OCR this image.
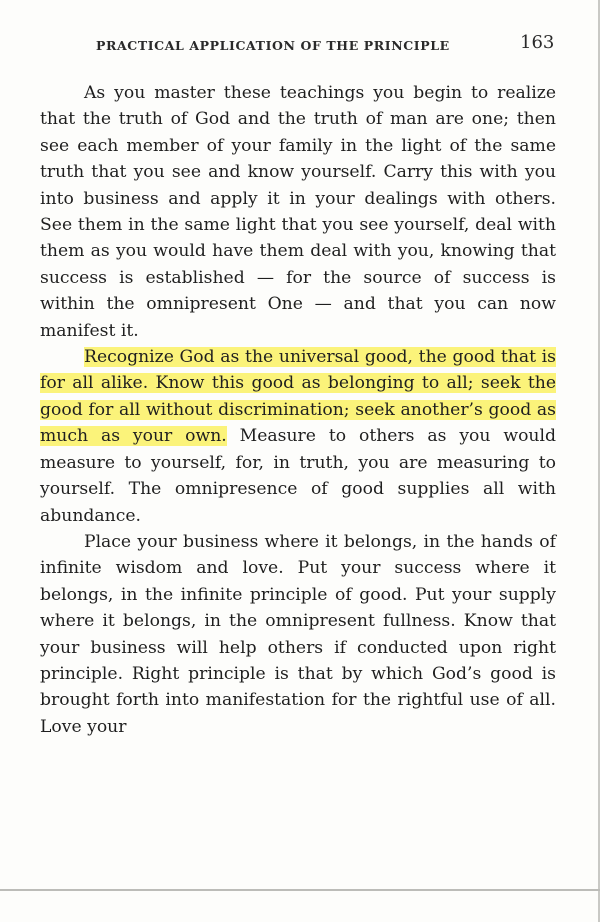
PRACTICAL APPLICATION OF THE PRINCIPLE	163

As you master these teachings you begin to realize that the truth of God and the truth of man are one; then see each member of your family in the light of the same truth that you see and know yourself. Carry this with you into business and apply it in your dealings with others. See them in the same light that you see yourself, deal with them as you would have them deal with you, knowing that success is established — for the source of success is within the omnipresent One — and that you can now manifest it.

Recognize God as the universal good, the good that is for all alike. Know this good as belonging to all; seek the good for all without discrimination; seek another’s good as much as your own. Measure to others as you would measure to yourself, for, in truth, you are measuring to yourself. The omnipresence of good supplies all with abundance.

Place your business where it belongs, in the hands of infinite wisdom and love. Put your success where it belongs, in the infinite principle of good. Put your supply where it belongs, in the omnipresent fullness. Know that your business will help others if conducted upon right principle. Right principle is that by which God’s good is brought forth into manifestation for the rightful use of all. Love your
